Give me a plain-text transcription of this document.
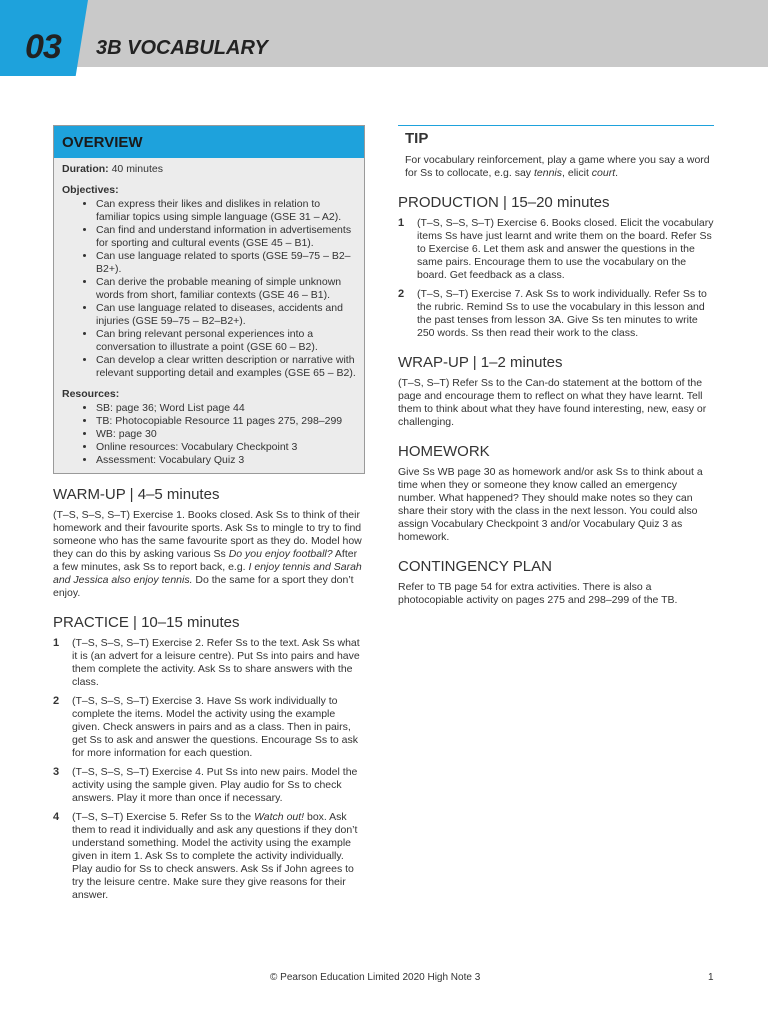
03 3B VOCABULARY
OVERVIEW
Duration: 40 minutes
Objectives:
• Can express their likes and dislikes in relation to familiar topics using simple language (GSE 31 – A2).
• Can find and understand information in advertisements for sporting and cultural events (GSE 45 – B1).
• Can use language related to sports (GSE 59–75 – B2–B2+).
• Can derive the probable meaning of simple unknown words from short, familiar contexts (GSE 46 – B1).
• Can use language related to diseases, accidents and injuries (GSE 59–75 – B2–B2+).
• Can bring relevant personal experiences into a conversation to illustrate a point (GSE 60 – B2).
• Can develop a clear written description or narrative with relevant supporting detail and examples (GSE 65 – B2).
Resources:
• SB: page 36; Word List page 44
• TB: Photocopiable Resource 11 pages 275, 298–299
• WB: page 30
• Online resources: Vocabulary Checkpoint 3
• Assessment: Vocabulary Quiz 3
WARM-UP | 4–5 minutes

(T–S, S–S, S–T) Exercise 1. Books closed. Ask Ss to think of their homework and their favourite sports. Ask Ss to mingle to try to find someone who has the same favourite sport as they do. Model how they can do this by asking various Ss Do you enjoy football? After a few minutes, ask Ss to report back, e.g. I enjoy tennis and Sarah and Jessica also enjoy tennis. Do the same for a sport they don’t enjoy.

PRACTICE | 10–15 minutes
1	(T–S, S–S, S–T) Exercise 2. Refer Ss to the text. Ask Ss what it is (an advert for a leisure centre). Put Ss into pairs and have them complete the activity. Ask Ss to share answers with the class.
2	(T–S, S–S, S–T) Exercise 3. Have Ss work individually to complete the items. Model the activity using the example given. Check answers in pairs and as a class. Then in pairs, get Ss to ask and answer the questions. Encourage Ss to ask for more information for each question.
3	(T–S, S–S, S–T) Exercise 4. Put Ss into new pairs. Model the activity using the sample given. Play audio for Ss to check answers. Play it more than once if necessary.
4	(T–S, S–T) Exercise 5. Refer Ss to the Watch out! box. Ask them to read it individually and ask any questions if they don’t understand something. Model the activity using the example given in item 1. Ask Ss to complete the activity individually. Play audio for Ss to check answers. Ask Ss if John agrees to try the leisure centre. Make sure they give reasons for their answer.
TIP
For vocabulary reinforcement, play a game where you say a word for Ss to collocate, e.g. say tennis, elicit court.
PRODUCTION | 15–20 minutes
1	(T–S, S–S, S–T) Exercise 6. Books closed. Elicit the vocabulary items Ss have just learnt and write them on the board. Refer Ss to Exercise 6. Let them ask and answer the questions in the same pairs. Encourage them to use the vocabulary on the board. Get feedback as a class.
2	(T–S, S–T) Exercise 7. Ask Ss to work individually. Refer Ss to the rubric. Remind Ss to use the vocabulary in this lesson and the past tenses from lesson 3A. Give Ss ten minutes to write 250 words. Ss then read their work to the class.
WRAP-UP | 1–2 minutes

(T–S, S–T) Refer Ss to the Can-do statement at the bottom of the page and encourage them to reflect on what they have learnt. Tell them to think about what they have found interesting, new, easy or challenging.

HOMEWORK

Give Ss WB page 30 as homework and/or ask Ss to think about a time when they or someone they know called an emergency number. What happened? They should make notes so they can share their story with the class in the next lesson. You could also assign Vocabulary Checkpoint 3 and/or Vocabulary Quiz 3 as homework.

CONTINGENCY PLAN

Refer to TB page 54 for extra activities. There is also a photocopiable activity on pages 275 and 298–299 of the TB.

© Pearson Education Limited 2020 High Note 3	1
